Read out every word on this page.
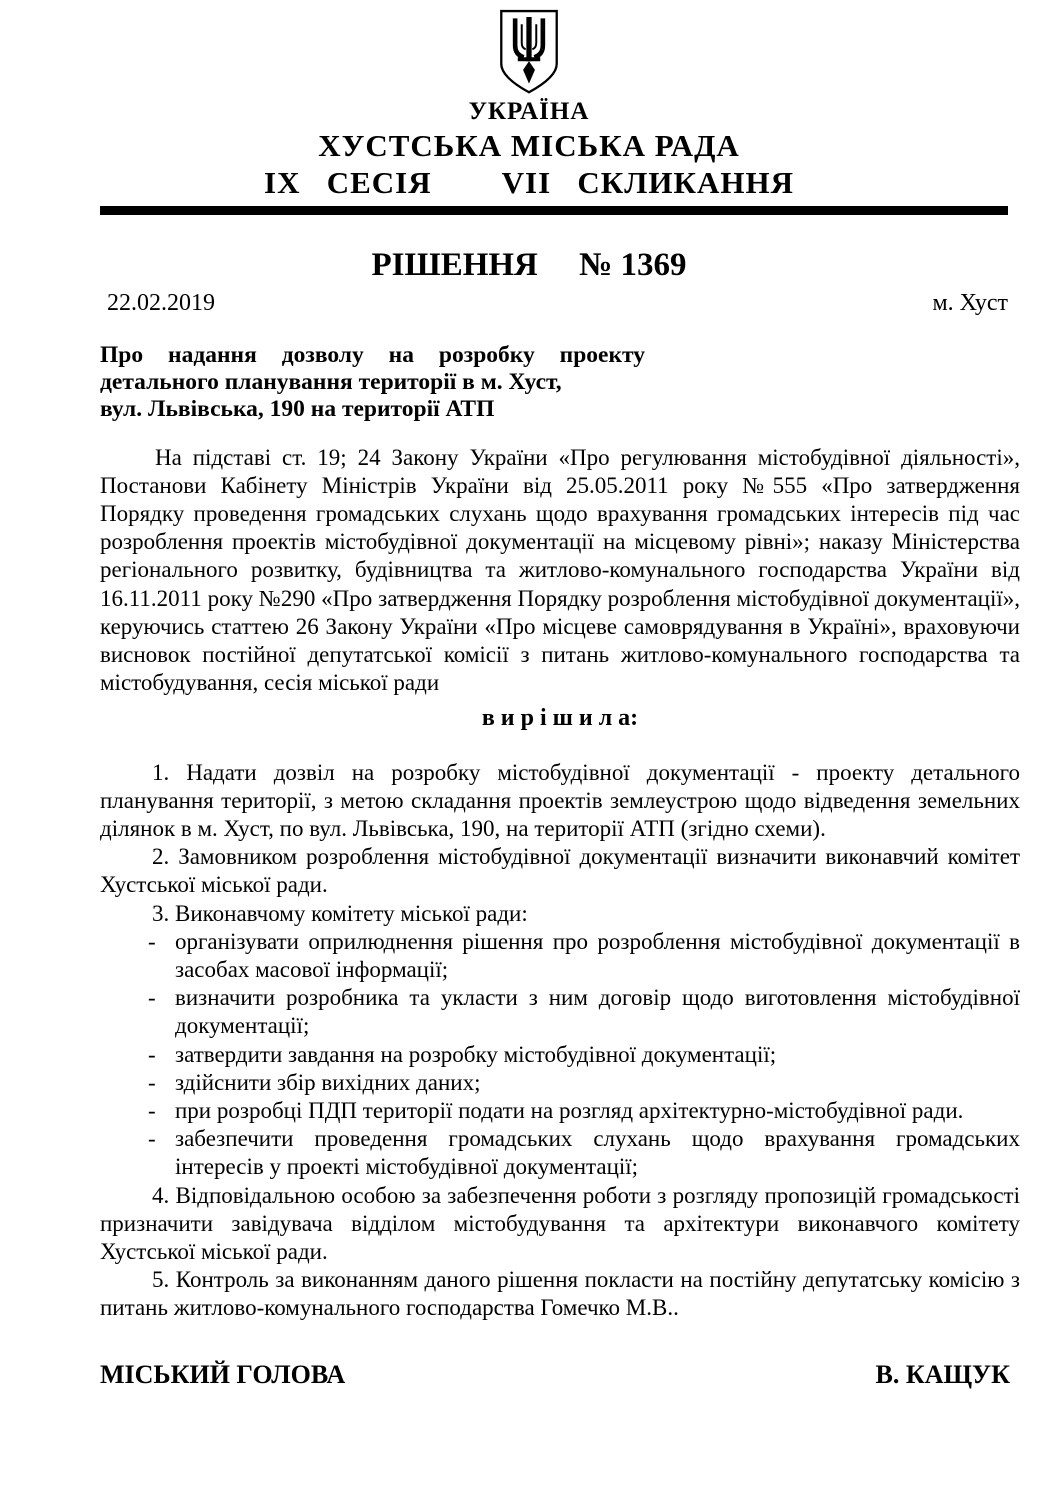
УКРАЇНА
ХУСТСЬКА МІСЬКА РАДА
IX   СЕСІЯ        VII   СКЛИКАННЯ
РІШЕННЯ     № 1369
22.02.2019	м. Хуст
Про надання дозволу на розробку проекту
детального планування території в м. Хуст,
вул. Львівська, 190 на території АТП

На підставі ст. 19; 24 Закону України «Про регулювання містобудівної діяльності», Постанови Кабінету Міністрів України від 25.05.2011 року №555 «Про затвердження Порядку проведення громадських слухань щодо врахування громадських інтересів під час розроблення проектів містобудівної документації на місцевому рівні»; наказу Міністерства регіонального розвитку, будівництва та житлово-комунального господарства України від 16.11.2011 року №290 «Про затвердження Порядку розроблення містобудівної документації», керуючись статтею 26 Закону України «Про місцеве самоврядування в Україні», враховуючи висновок постійної депутатської комісії з питань житлово-комунального господарства та містобудування, сесія міської ради

в и р і ш и л а:

1. Надати дозвіл на розробку містобудівної документації - проекту детального планування території, з метою складання проектів землеустрою щодо відведення земельних ділянок в м. Хуст, по вул. Львівська, 190, на території АТП (згідно схеми).

2. Замовником розроблення містобудівної документації визначити виконавчий комітет Хустської міської ради.

3. Виконавчому комітету міської ради:

- організувати оприлюднення рішення про розроблення містобудівної документації в засобах масової інформації;
- визначити розробника та укласти з ним договір щодо виготовлення містобудівної документації;
- затвердити завдання на розробку містобудівної документації;
- здійснити збір вихідних даних;
- при розробці ПДП території подати на розгляд архітектурно-містобудівної ради.
- забезпечити проведення громадських слухань щодо врахування громадських інтересів у проекті містобудівної документації;

4. Відповідальною особою за забезпечення роботи з розгляду пропозицій громадськості призначити завідувача відділом містобудування та архітектури виконавчого комітету Хустської міської ради.

5. Контроль за виконанням даного рішення покласти на постійну депутатську комісію з питань житлово-комунального господарства Гомечко М.В..

МІСЬКИЙ ГОЛОВА	В. КАЩУК
